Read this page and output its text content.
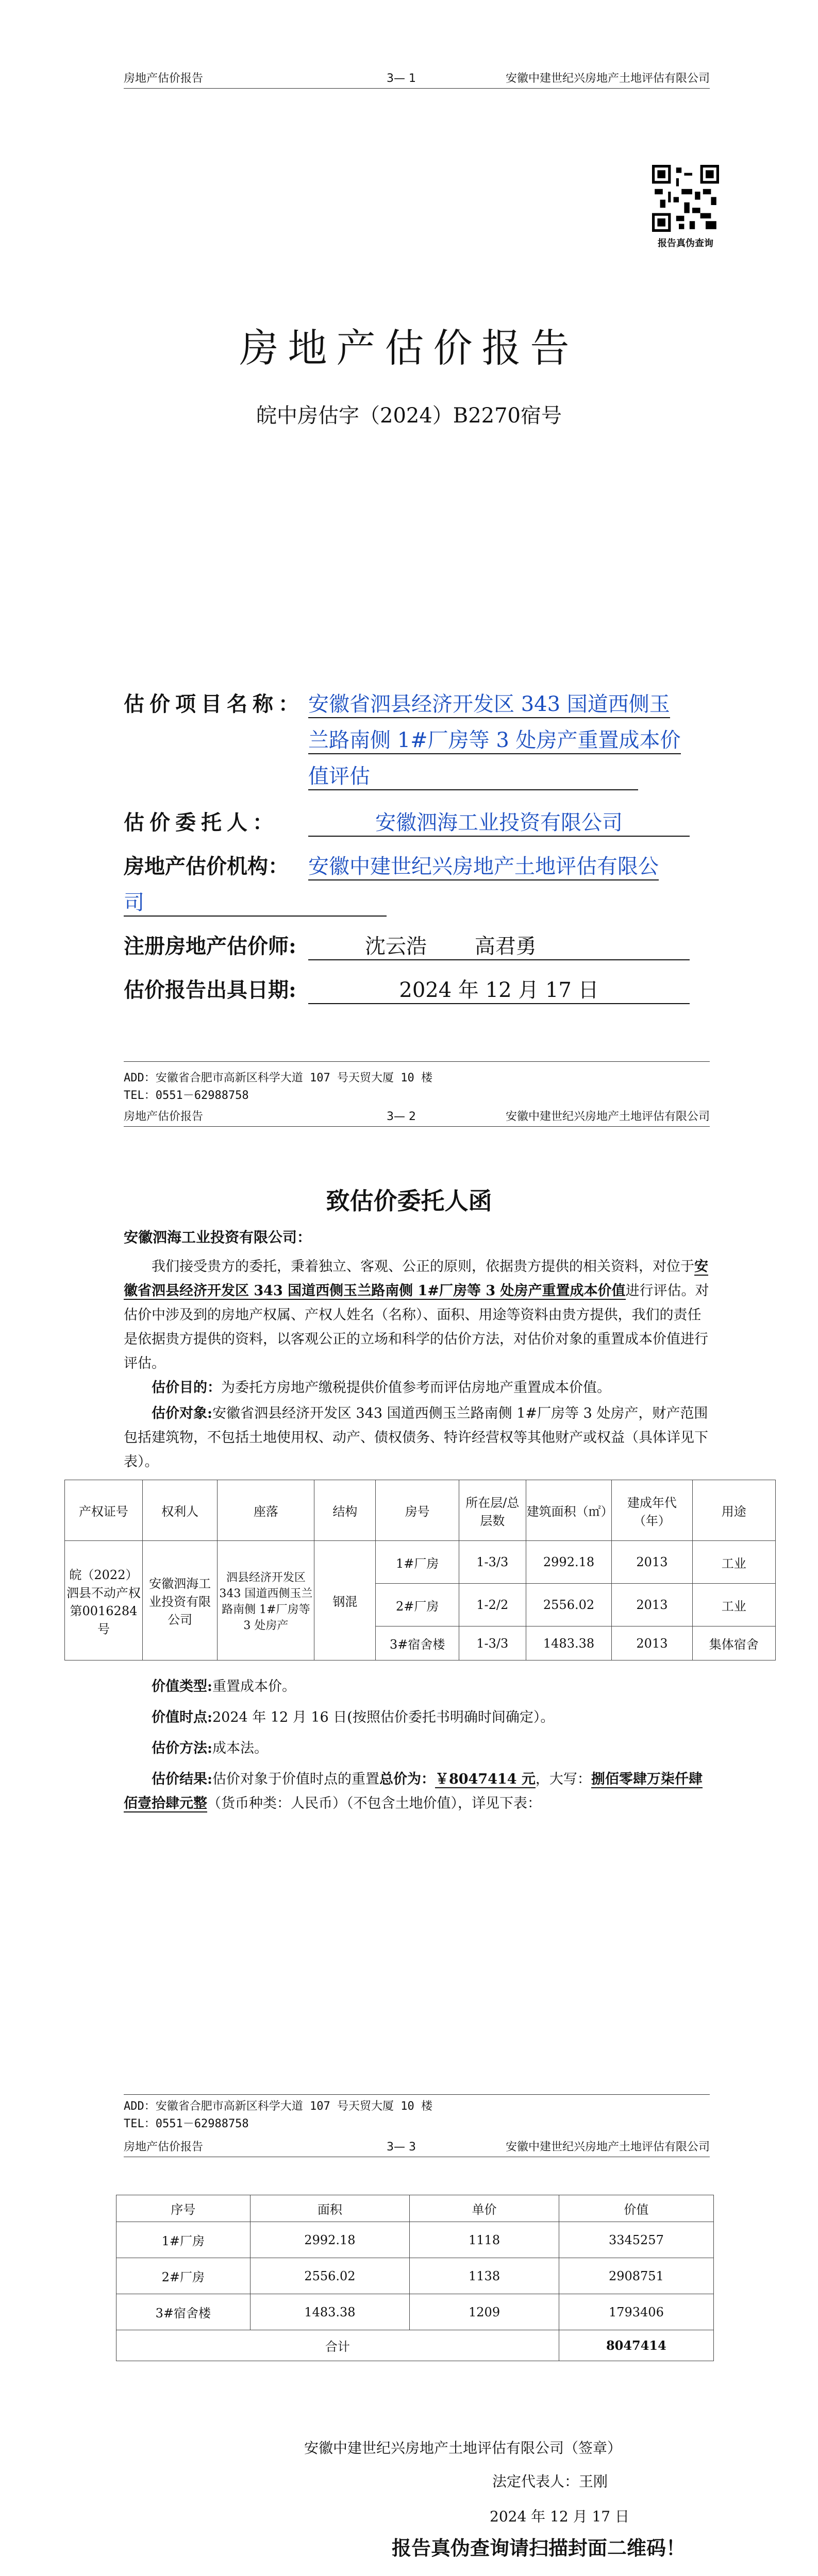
房地产估价报告	3— 1	安徽中建世纪兴房地产土地评估有限公司
报告真伪查询
房地产估价报告
皖中房估字（2024）B2270宿号
估价项目名称： 安徽省泗县经济开发区 343 国道西侧玉
兰路南侧 1#厂房等 3 处房产重置成本价
值评估
估价委托人：	安徽泗海工业投资有限公司
房地产估价机构： 安徽中建世纪兴房地产土地评估有限公
司
注册房地产估价师:	沈云浩 高君勇
估价报告出具日期:	2024 年 12 月 17 日
ADD：安徽省合肥市高新区科学大道 107 号天贸大厦 10 楼
TEL：0551－62988758
房地产估价报告	3— 2	安徽中建世纪兴房地产土地评估有限公司
致估价委托人函
安徽泗海工业投资有限公司：
我们接受贵方的委托，秉着独立、客观、公正的原则，依据贵方提供的相关资料，对位于安徽省泗县经济开发区 343 国道西侧玉兰路南侧 1#厂房等 3 处房产重置成本价值进行评估。对估价中涉及到的房地产权属、产权人姓名（名称）、面积、用途等资料由贵方提供，我们的责任是依据贵方提供的资料，以客观公正的立场和科学的估价方法，对估价对象的重置成本价值进行评估。
估价目的：为委托方房地产缴税提供价值参考而评估房地产重置成本价值。
估价对象:安徽省泗县经济开发区 343 国道西侧玉兰路南侧 1#厂房等 3 处房产，财产范围包括建筑物，不包括土地使用权、动产、债权债务、特许经营权等其他财产或权益（具体详见下表）。
产权证号	权利人	座落	结构	房号	所在层/总层数	建筑面积（㎡）	建成年代（年）	用途
皖（2022）泗县不动产权第0016284 号	安徽泗海工业投资有限公司	泗县经济开发区 343 国道西侧玉兰路南侧 1#厂房等 3 处房产	钢混	1#厂房	1-3/3	2992.18	2013	工业
				2#厂房	1-2/2	2556.02	2013	工业
				3#宿舍楼	1-3/3	1483.38	2013	集体宿舍
价值类型:重置成本价。
价值时点:2024 年 12 月 16 日(按照估价委托书明确时间确定）。
估价方法:成本法。
估价结果:估价对象于价值时点的重置总价为：￥8047414 元，大写：捌佰零肆万柒仟肆佰壹拾肆元整（货币种类：人民币）（不包含土地价值），详见下表：
ADD：安徽省合肥市高新区科学大道 107 号天贸大厦 10 楼
TEL：0551－62988758
房地产估价报告	3— 3	安徽中建世纪兴房地产土地评估有限公司
序号	面积	单价	价值
1#厂房	2992.18	1118	3345257
2#厂房	2556.02	1138	2908751
3#宿舍楼	1483.38	1209	1793406
合计			8047414
安徽中建世纪兴房地产土地评估有限公司（签章）
法定代表人：王刚
2024 年 12 月 17 日
报告真伪查询请扫描封面二维码！
